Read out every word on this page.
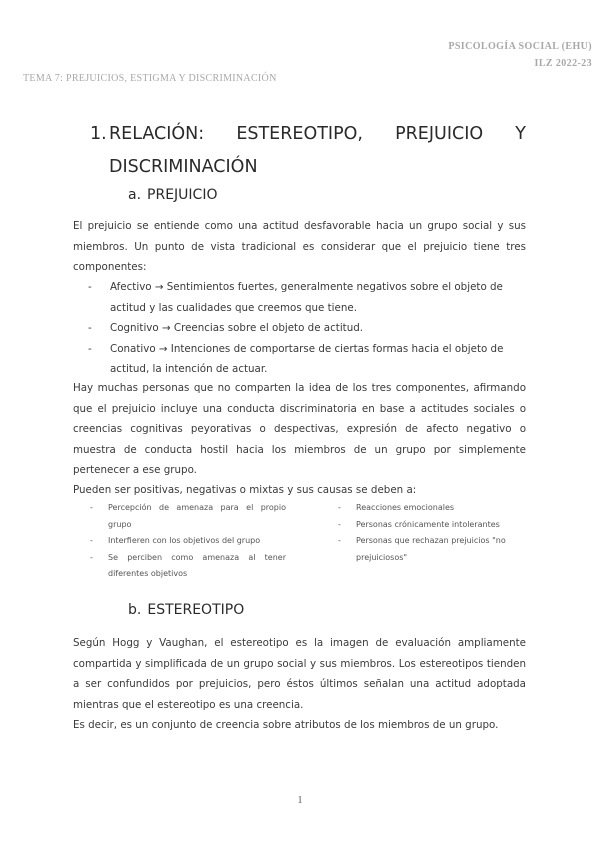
PSICOLOGÍA SOCIAL (EHU)
ILZ 2022-23
TEMA 7: PREJUICIOS, ESTIGMA Y DISCRIMINACIÓN
1. RELACIÓN: ESTEREOTIPO, PREJUICIO Y
DISCRIMINACIÓN
a. PREJUICIO
El prejuicio se entiende como una actitud desfavorable hacia un grupo social y sus miembros. Un punto de vista tradicional es considerar que el prejuicio tiene tres componentes:
- Afectivo → Sentimientos fuertes, generalmente negativos sobre el objeto de actitud y las cualidades que creemos que tiene.
- Cognitivo → Creencias sobre el objeto de actitud.
- Conativo → Intenciones de comportarse de ciertas formas hacia el objeto de actitud, la intención de actuar.
Hay muchas personas que no comparten la idea de los tres componentes, afirmando que el prejuicio incluye una conducta discriminatoria en base a actitudes sociales o creencias cognitivas peyorativas o despectivas, expresión de afecto negativo o muestra de conducta hostil hacia los miembros de un grupo por simplemente pertenecer a ese grupo.
Pueden ser positivas, negativas o mixtas y sus causas se deben a:
- Percepción de amenaza para el propio grupo
- Interfieren con los objetivos del grupo
- Se perciben como amenaza al tener diferentes objetivos
- Reacciones emocionales
- Personas crónicamente intolerantes
- Personas que rechazan prejuicios "no prejuiciosos"
b. ESTEREOTIPO
Según Hogg y Vaughan, el estereotipo es la imagen de evaluación ampliamente compartida y simplificada de un grupo social y sus miembros. Los estereotipos tienden a ser confundidos por prejuicios, pero éstos últimos señalan una actitud adoptada mientras que el estereotipo es una creencia.
Es decir, es un conjunto de creencia sobre atributos de los miembros de un grupo.
1
